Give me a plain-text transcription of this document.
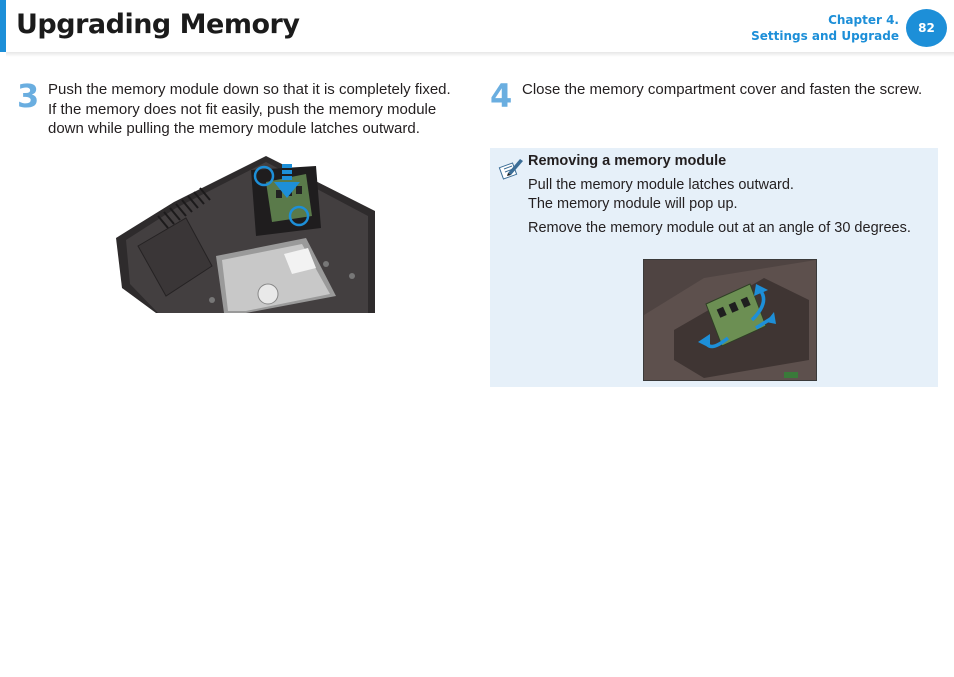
Upgrading Memory	Chapter 4.
Settings and Upgrade
82
3 Push the memory module down so that it is completely fixed.

If the memory does not fit easily, push the memory module

down while pulling the memory module latches outward.

4 Close the memory compartment cover and fasten the screw.

Removing a memory module

Pull the memory module latches outward.

The memory module will pop up.

Remove the memory module out at an angle of 30 degrees.
